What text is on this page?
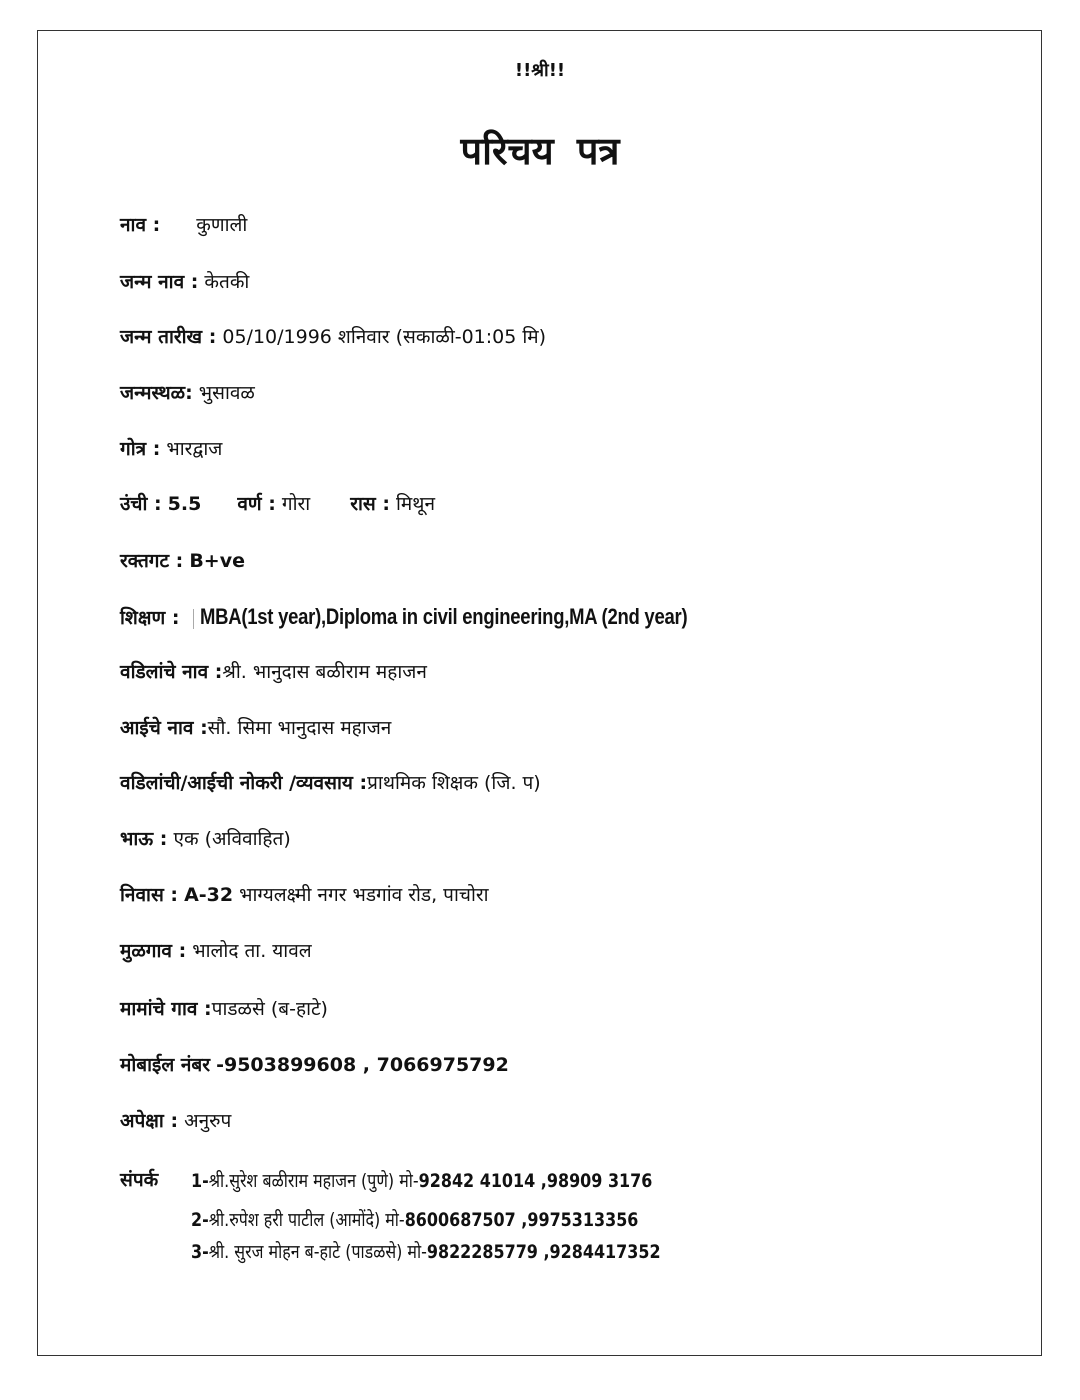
!!श्री!!
परिचय पत्र
नाव : कुणाली
जन्म नाव : केतकी
जन्म तारीख : 05/10/1996 शनिवार (सकाळी-01:05 मि)
जन्मस्थळ: भुसावळ
गोत्र : भारद्वाज
उंची : 5.5 वर्ण : गोरा रास : मिथून
रक्तगट : B+ve
शिक्षण : MBA(1st year),Diploma in civil engineering,MA (2nd year)
वडिलांचे नाव :श्री. भानुदास बळीराम महाजन
आईचे नाव :सौ. सिमा भानुदास महाजन
वडिलांची/आईची नोकरी /व्यवसाय :प्राथमिक शिक्षक (जि. प)
भाऊ : एक (अविवाहित)
निवास : A-32 भाग्यलक्ष्मी नगर भडगांव रोड, पाचोरा
मुळगाव : भालोद ता. यावल
मामांचे गाव :पाडळसे (ब-हाटे)
मोबाईल नंबर -9503899608 , 7066975792
अपेक्षा : अनुरुप
संपर्क 1-श्री.सुरेश बळीराम महाजन (पुणे) मो-92842 41014 ,98909 3176
2-श्री.रुपेश हरी पाटील (आमोंदे) मो-8600687507 ,9975313356
3-श्री. सुरज मोहन ब-हाटे (पाडळसे) मो-9822285779 ,9284417352
